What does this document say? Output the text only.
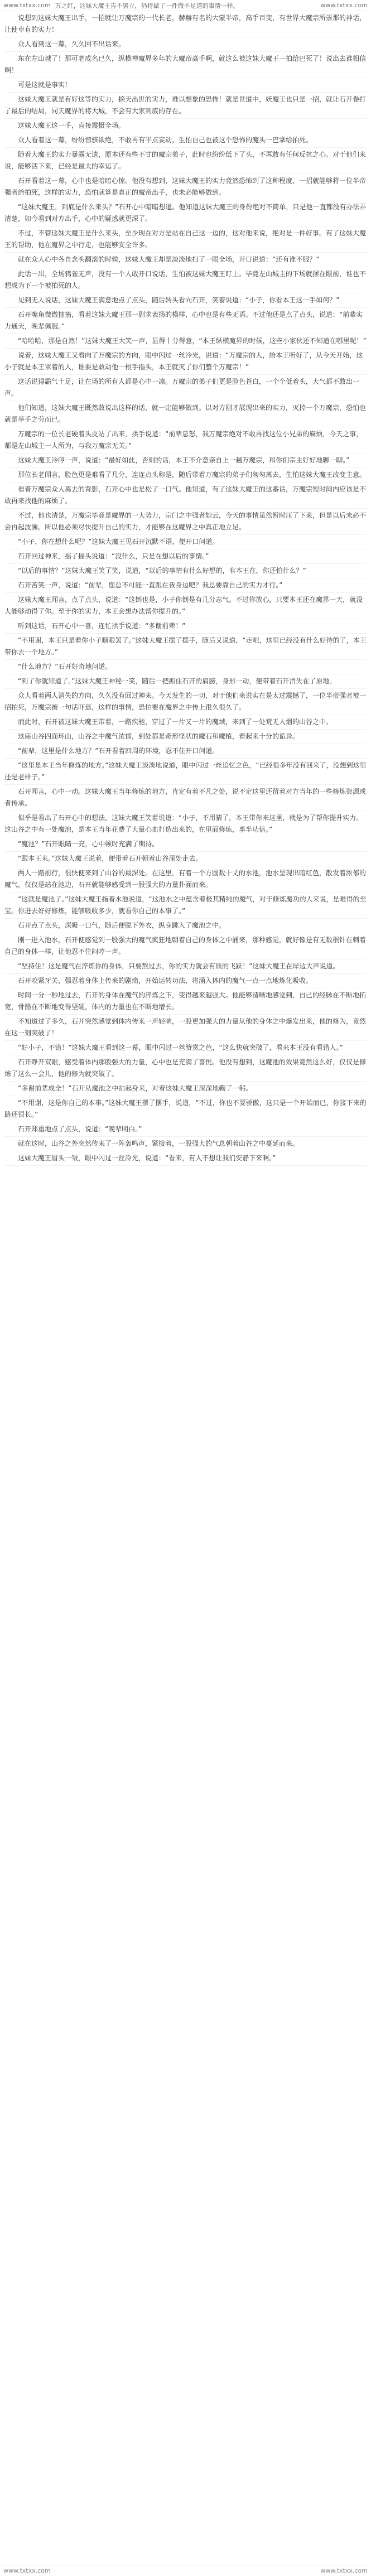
www.txtxx.com 万之红，这妹大魔王告不罢立，仍将做了一件微不足道的事情一样。	www.txtxx.com

说想到这妹大魔王出手，一招就让万魔宗的一代长老，赫赫有名的大蒙半帝，高手百变，有世界大魔宗所崇那的神话，让使卓有的实力！

众人看到这一幕，久久回不出话来。

东在左山城了！那可老成名已久，纵横禅魔界多年的大魔帝高手啊，就这么被这妹大魔王一拍给巴死了！说出去谁相信啊！

可是这就是事实！

这妹大魔王就是有好这等的实力，摘天出世的实力，难以想象的恐怖！就是世道中，妖魔王也只是一招，就让石开卷打了最后的结局，同天魔界的将大城，不会有大家到底的存在。

这妹大魔王这一手，直接震慑全场。

众人看着这一幕，纷纷惊骇欲绝，不敢再有半点妄动，生怕自己也被这个恐怖的魔头一巴掌给拍死。

随着大魔王的实力暴露无遗，原本还有些不甘的魔宗弟子，此时也纷纷低下了头，不再敢有任何反抗之心。对于他们来说，能够活下来，已经是最大的幸运了。

石开看着这一幕，心中也是暗暗心惊。他没有想到，这妹大魔王的实力竟然恐怖到了这种程度，一招就能够将一位半帝强者给拍死，这样的实力，恐怕就算是真正的魔帝出手，也未必能够做到。

“这妹大魔王，到底是什么来头？”石开心中暗暗想道。他知道这妹大魔王的身份绝对不简单，只是他一直都没有办法弄清楚，如今看到对方出手，心中的疑惑就更深了。

不过，不管这妹大魔王是什么来头，至少现在对方是站在自己这一边的，这对他来说，绝对是一件好事。有了这妹大魔王的帮助，他在魔界之中行走，也能够安全许多。

就在众人心中各自念头翻滚的时候，这妹大魔王却是淡淡地扫了一眼全场，开口说道：“还有谁不服？”

此话一出，全场鸦雀无声，没有一个人敢开口说话，生怕被这妹大魔王盯上。毕竟左山城主的下场就摆在眼前，谁也不想成为下一个被拍死的人。

见到无人说话，这妹大魔王满意地点了点头，随后转头看向石开，笑着说道：“小子，你看本王这一手如何？”

石开嘴角微微抽搐，看着这妹大魔王那一副求表扬的模样，心中也是有些无语。不过他还是点了点头，说道：“前辈实力通天，晚辈佩服。”

“哈哈哈，那是自然！”这妹大魔王大笑一声，显得十分得意，“本王纵横魔界的时候，这些小家伙还不知道在哪里呢！”

说着，这妹大魔王又看向了万魔宗的方向，眼中闪过一丝冷光，说道：“万魔宗的人，给本王听好了，从今天开始，这小子就是本王罩着的人，谁要是敢动他一根手指头，本王就灭了你们整个万魔宗！”

这话说得霸气十足，让在场的所有人都是心中一凛。万魔宗的弟子们更是脸色苍白，一个个低着头，大气都不敢出一声。

他们知道，这妹大魔王既然敢说出这样的话，就一定能够做到。以对方刚才展现出来的实力，灭掉一个万魔宗，恐怕也就是举手之劳而已。

万魔宗的一位长老硬着头皮站了出来，拱手说道：“前辈息怒，我万魔宗绝对不敢再找这位小兄弟的麻烦，今天之事，都是左山城主一人所为，与我万魔宗无关。”

这妹大魔王冷哼一声，说道：“最好如此，否则的话，本王不介意亲自上一趟万魔宗，和你们宗主好好地聊一聊。”

那位长老闻言，脸色更是难看了几分，连连点头称是，随后带着万魔宗的弟子们匆匆离去，生怕这妹大魔王改变主意。

看着万魔宗众人离去的背影，石开心中也是松了一口气。他知道，有了这妹大魔王的这番话，万魔宗短时间内应该是不敢再来找他的麻烦了。

不过，他也清楚，万魔宗毕竟是魔界的一大势力，宗门之中强者如云，今天的事情虽然暂时压了下来，但是以后未必不会再起波澜。所以他必须尽快提升自己的实力，才能够在这魔界之中真正地立足。

“小子，你在想什么呢？”这妹大魔王见石开沉默不语，便开口问道。

石开回过神来，摇了摇头说道：“没什么，只是在想以后的事情。”

“以后的事情？”这妹大魔王笑了笑，说道，“以后的事情有什么好想的，有本王在，你还怕什么？”

石开苦笑一声，说道：“前辈，您总不可能一直跟在我身边吧？我总要靠自己的实力才行。”

这妹大魔王闻言，点了点头，说道：“这倒也是，小子你倒是有几分志气。不过你放心，只要本王还在魔界一天，就没人能够动得了你。至于你的实力，本王会想办法帮你提升的。”

听到这话，石开心中一喜，连忙拱手说道：“多谢前辈！”

“不用谢，本王只是看你小子顺眼罢了。”这妹大魔王摆了摆手，随后又说道，“走吧，这里已经没有什么好待的了，本王带你去一个地方。”

“什么地方？”石开好奇地问道。

“到了你就知道了。”这妹大魔王神秘一笑，随后一把抓住石开的肩膀，身形一动，便带着石开消失在了原地。

众人看着两人消失的方向，久久没有回过神来。今天发生的一切，对于他们来说实在是太过震撼了，一位半帝强者被一招拍死，万魔宗被一句话吓退，这样的事情，恐怕要在魔界之中传上很久很久了。

而此时，石开被这妹大魔王带着，一路疾驰，穿过了一片又一片的魔域，来到了一处荒无人烟的山谷之中。

这座山谷四面环山，山谷之中魔气浓郁，到处都是奇形怪状的魔石和魔植，看起来十分的诡异。

“前辈，这里是什么地方？”石开看着四周的环境，忍不住开口问道。

“这里是本王当年修炼的地方。”这妹大魔王淡淡地说道，眼中闪过一丝追忆之色，“已经很多年没有回来了，没想到这里还是老样子。”

石开闻言，心中一动。这妹大魔王当年修炼的地方，肯定有着不凡之处，说不定这里还留着对方当年的一些修炼资源或者传承。

似乎是看出了石开心中的想法，这妹大魔王笑着说道：“小子，不用猜了，本王带你来这里，就是为了帮你提升实力。这山谷之中有一处魔池，是本王当年花费了大量心血打造出来的，在里面修炼，事半功倍。”

“魔池？”石开眼睛一亮，心中顿时充满了期待。

“跟本王来。”这妹大魔王说着，便带着石开朝着山谷深处走去。

两人一路前行，很快便来到了山谷的最深处。在这里，有着一个方圆数十丈的水池，池水呈现出暗红色，散发着浓郁的魔气，仅仅是站在池边，石开就能够感受到一股强大的力量扑面而来。

“这就是魔池了。”这妹大魔王指着水池说道，“这池水之中蕴含着极其精纯的魔气，对于修炼魔功的人来说，是难得的至宝。你进去好好修炼，能够吸收多少，就看你自己的本事了。”

石开点了点头，深吸一口气，随后便脱下外衣，纵身跳入了魔池之中。

刚一进入池水，石开便感觉到一股强大的魔气疯狂地朝着自己的身体之中涌来，那种感觉，就好像是有无数根针在刺着自己的身体一样，让他忍不住闷哼一声。

“坚持住！这是魔气在淬炼你的身体，只要熬过去，你的实力就会有质的飞跃！”这妹大魔王在岸边大声说道。

石开咬紧牙关，强忍着身体上传来的剧痛，开始运转功法，将涌入体内的魔气一点一点地炼化吸收。

时间一分一秒地过去，石开的身体在魔气的淬炼之下，变得越来越强大。他能够清晰地感觉到，自己的经脉在不断地拓宽，骨骼在不断地变得坚硬，体内的力量也在不断地增长。

不知道过了多久，石开突然感觉到体内传来一声轻响，一股更加强大的力量从他的身体之中爆发出来，他的修为，竟然在这一刻突破了！

“好小子，不错！”这妹大魔王看到这一幕，眼中闪过一丝赞赏之色，“这么快就突破了，看来本王没有看错人。”

石开睁开双眼，感受着体内那股强大的力量，心中也是充满了喜悦。他没有想到，这魔池的效果竟然这么好，仅仅是修炼了这么一会儿，他的修为就突破了。

“多谢前辈成全！”石开从魔池之中站起身来，对着这妹大魔王深深地鞠了一躬。

“不用谢，这是你自己的本事。”这妹大魔王摆了摆手，说道，“不过，你也不要骄傲，这只是一个开始而已，你接下来的路还很长。”

石开郑重地点了点头，说道：“晚辈明白。”

就在这时，山谷之外突然传来了一阵轰鸣声，紧接着，一股强大的气息朝着山谷之中蔓延而来。

这妹大魔王眉头一皱，眼中闪过一丝冷光，说道：“看来，有人不想让我们安静下来啊。”

www.txtxx.com	www.txtxx.com
